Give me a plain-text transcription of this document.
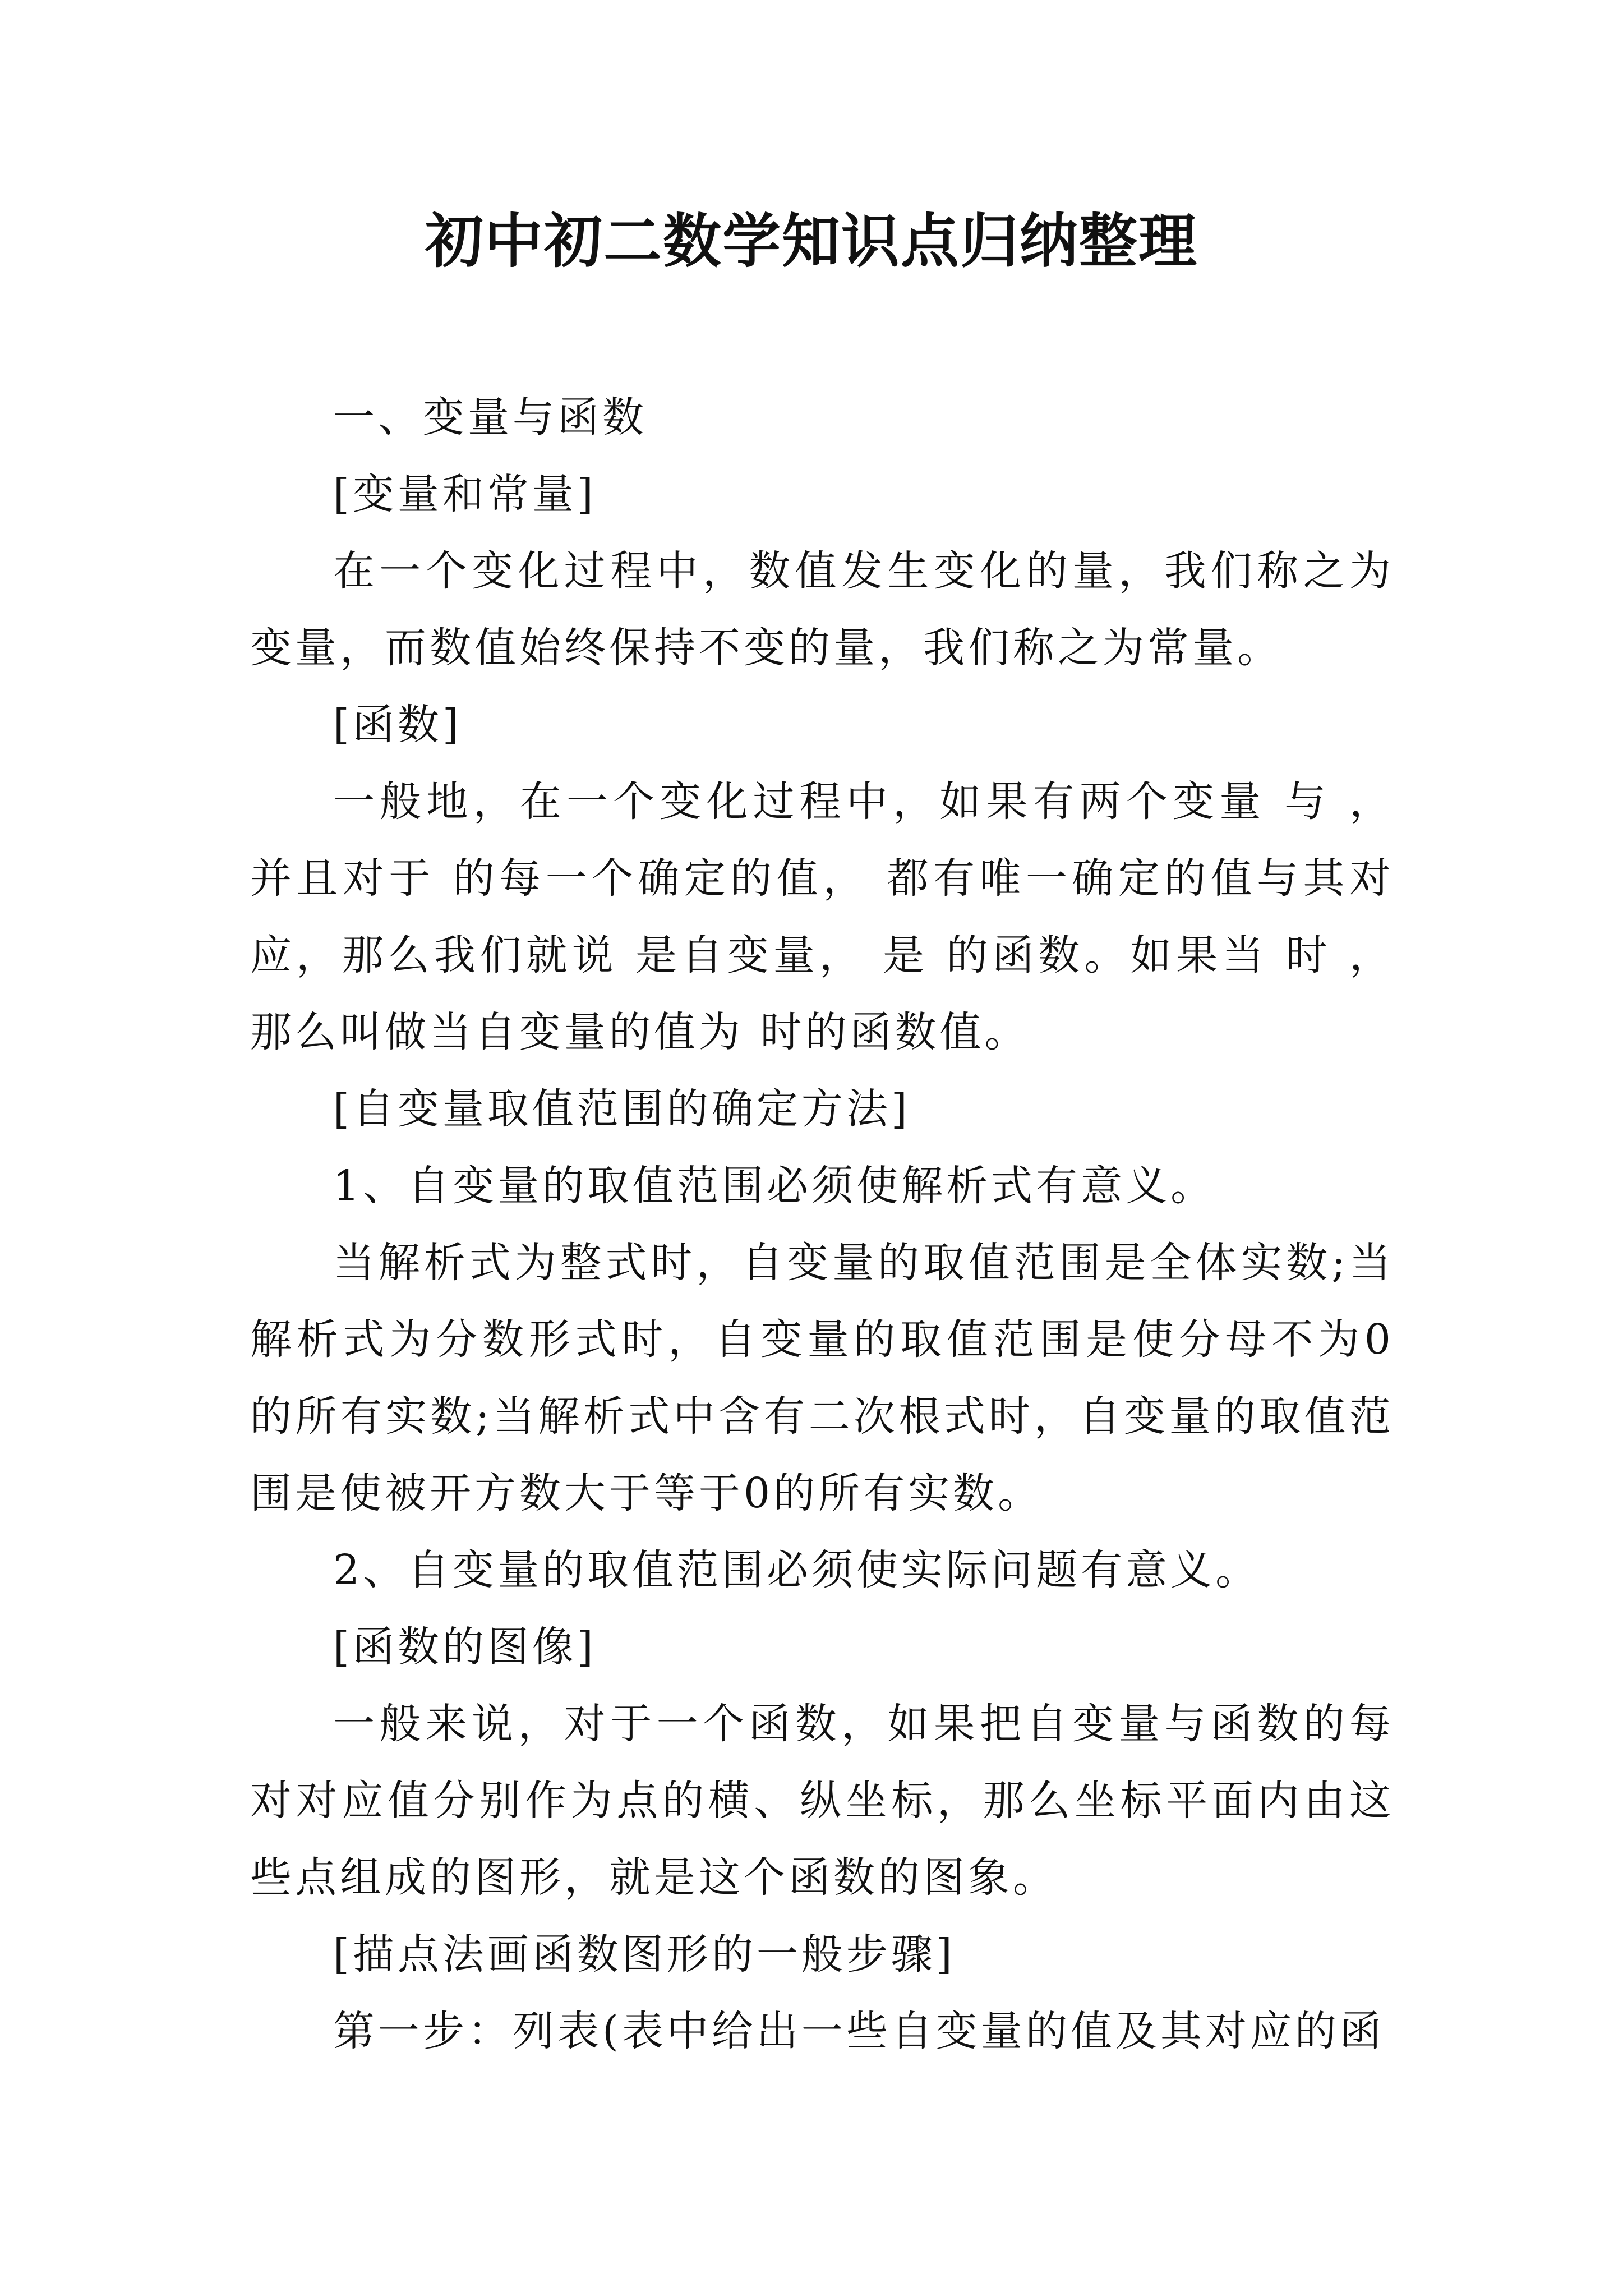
初中初二数学知识点归纳整理

一、变量与函数

[变量和常量]

在一个变化过程中，数值发生变化的量，我们称之为变量，而数值始终保持不变的量，我们称之为常量。

[函数]

一般地，在一个变化过程中，如果有两个变量 与 ，并且对于 的每一个确定的值， 都有唯一确定的值与其对应，那么我们就说 是自变量， 是 的函数。如果当 时 ，那么叫做当自变量的值为 时的函数值。

[自变量取值范围的确定方法]

1、自变量的取值范围必须使解析式有意义。

当解析式为整式时，自变量的取值范围是全体实数;当解析式为分数形式时，自变量的取值范围是使分母不为0的所有实数;当解析式中含有二次根式时，自变量的取值范围是使被开方数大于等于0的所有实数。

2、自变量的取值范围必须使实际问题有意义。

[函数的图像]

一般来说，对于一个函数，如果把自变量与函数的每对对应值分别作为点的横、纵坐标，那么坐标平面内由这些点组成的图形，就是这个函数的图象。

[描点法画函数图形的一般步骤]

第一步：列表(表中给出一些自变量的值及其对应的函
